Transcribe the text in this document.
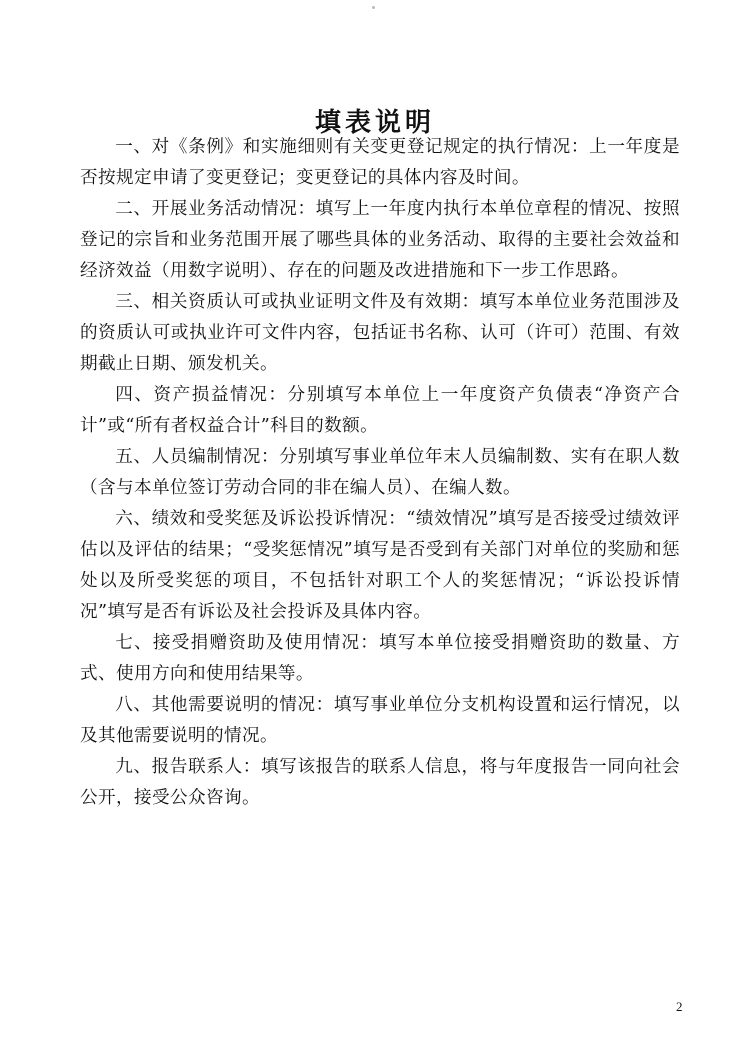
填表说明

一、对《条例》和实施细则有关变更登记规定的执行情况：上一年度是否按规定申请了变更登记；变更登记的具体内容及时间。

二、开展业务活动情况：填写上一年度内执行本单位章程的情况、按照登记的宗旨和业务范围开展了哪些具体的业务活动、取得的主要社会效益和经济效益（用数字说明）、存在的问题及改进措施和下一步工作思路。

三、相关资质认可或执业证明文件及有效期：填写本单位业务范围涉及的资质认可或执业许可文件内容，包括证书名称、认可（许可）范围、有效期截止日期、颁发机关。

四、资产损益情况：分别填写本单位上一年度资产负债表“净资产合计”或“所有者权益合计”科目的数额。

五、人员编制情况：分别填写事业单位年末人员编制数、实有在职人数（含与本单位签订劳动合同的非在编人员）、在编人数。

六、绩效和受奖惩及诉讼投诉情况：“绩效情况”填写是否接受过绩效评估以及评估的结果；“受奖惩情况”填写是否受到有关部门对单位的奖励和惩处以及所受奖惩的项目，不包括针对职工个人的奖惩情况；“诉讼投诉情况”填写是否有诉讼及社会投诉及具体内容。

七、接受捐赠资助及使用情况：填写本单位接受捐赠资助的数量、方式、使用方向和使用结果等。

八、其他需要说明的情况：填写事业单位分支机构设置和运行情况，以及其他需要说明的情况。

九、报告联系人：填写该报告的联系人信息，将与年度报告一同向社会公开，接受公众咨询。

2
